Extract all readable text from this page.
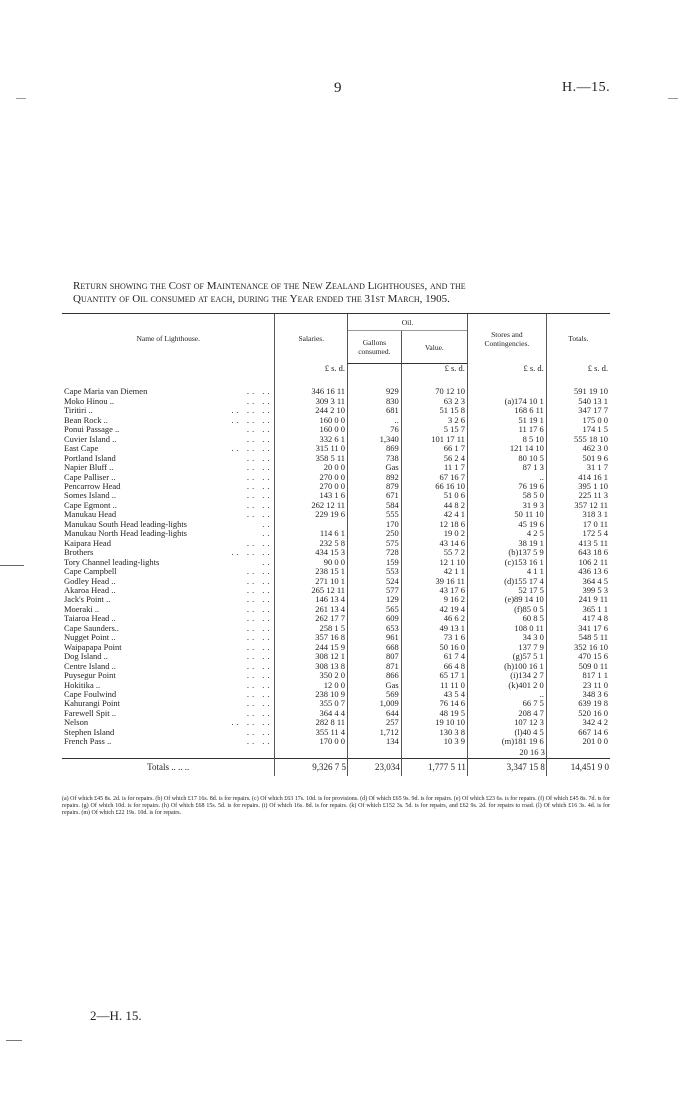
9	H.—15.
Return showing the Cost of Maintenance of the New Zealand Lighthouses, and the
Quantity of Oil consumed at each, during the Year ended the 31st March, 1905.
Name of Lighthouse.	Salaries.	Oil.		Stores and Contingencies.	Totals.
		Gallons consumed.	Value.		
	£ s. d.		£ s. d.	£ s. d.	£ s. d.
Cape Maria van Diemen .. ..	346 16 11	929	70 12 10		591 19 10
Moko Hinou .. .. ..	309 3 11	830	63 2 3	(a)174 10 1	540 13 1
Tiritiri .. .. .. ..	244 2 10	681	51 15 8	168 6 11	347 17 7
Bean Rock .. .. .. ..	160 0 0	..	3 2 6	51 19 1	175 0 0
Ponui Passage .. .. ..	160 0 0	76	5 15 7	11 17 6	174 1 5
Cuvier Island .. .. ..	332 6 1	1,340	101 17 11	8 5 10	555 18 10
East Cape .. .. ..	315 11 0	869	66 1 7	121 14 10	462 3 0
Portland Island .. ..	358 5 11	738	56 2 4	80 10 5	501 9 6
Napier Bluff .. .. ..	20 0 0	Gas	11 1 7	87 1 3	31 1 7
Cape Palliser .. .. ..	270 0 0	892	67 16 7	..	414 16 1
Pencarrow Head .. ..	270 0 0	879	66 16 10	76 19 6	395 1 10
Somes Island .. .. ..	143 1 6	671	51 0 6	58 5 0	225 11 3
Cape Egmont .. .. ..	262 12 11	584	44 8 2	31 9 3	357 12 11
Manukau Head .. ..	229 19 6	555	42 4 1	50 11 10	318 3 1
Manukau South Head leading-lights ..		170	12 18 6	45 19 6	17 0 11
Manukau North Head leading-lights ..	114 6 1	250	19 0 2	4 2 5	172 5 4
Kaipara Head .. ..	232 5 8	575	43 14 6	38 19 1	413 5 11
Brothers .. .. ..	434 15 3	728	55 7 2	(b)137 5 9	643 18 6
Tory Channel leading-lights ..	90 0 0	159	12 1 10	(c)153 16 1	106 2 11
Cape Campbell .. ..	238 15 1	553	42 1 1	4 1 1	436 13 6
Godley Head .. .. ..	271 10 1	524	39 16 11	(d)155 17 4	364 4 5
Akaroa Head .. .. ..	265 12 11	577	43 17 6	52 17 5	399 5 3
Jack's Point .. .. ..	146 13 4	129	9 16 2	(e)89 14 10	241 9 11
Moeraki .. .. ..	261 13 4	565	42 19 4	(f)85 0 5	365 1 1
Taiaroa Head .. .. ..	262 17 7	609	46 6 2	60 8 5	417 4 8
Cape Saunders.. .. ..	258 1 5	653	49 13 1	108 0 11	341 17 6
Nugget Point .. .. ..	357 16 8	961	73 1 6	34 3 0	548 5 11
Waipapapa Point .. ..	244 15 9	668	50 16 0	137 7 9	352 16 10
Dog Island .. .. ..	308 12 1	807	61 7 4	(g)57 5 1	470 15 6
Centre Island .. .. ..	308 13 8	871	66 4 8	(h)100 16 1	509 0 11
Puysegur Point .. ..	350 2 0	866	65 17 1	(i)134 2 7	817 1 1
Hokitika .. .. ..	12 0 0	Gas	11 11 0	(k)401 2 0	23 11 0
Cape Foulwind .. ..	238 10 9	569	43 5 4	..	348 3 6
Kahurangi Point .. ..	355 0 7	1,009	76 14 6	66 7 5	639 19 8
Farewell Spit .. .. ..	364 4 4	644	48 19 5	208 4 7	520 16 0
Nelson .. .. ..	282 8 11	257	19 10 10	107 12 3	342 4 2
Stephen Island .. ..	355 11 4	1,712	130 3 8	(l)40 4 5	667 14 6
French Pass .. .. ..	170 0 0	134	10 3 9	(m)181 19 6	201 0 0
				20 16 3	
Totals .. .. ..	9,326 7 5	23,034	1,777 5 11	3,347 15 8	14,451 9 0
(a) Of which £45 8s. 2d. is for repairs. (b) Of which £17 16s. 8d. is for repairs. (c) Of which £63 17s. 10d. is for provisions. (d) Of which £65 9s. 9d. is for repairs. (e) Of which £23 6s. is for repairs. (f) Of which £45 8s. 7d. is for repairs. (g) Of which 10d. is for repairs. (h) Of which £68 15s. 5d. is for repairs. (i) Of which 16s. 8d. is for repairs. (k) Of which £152 3s. 5d. is for repairs, and £62 9s. 2d. for repairs to road. (l) Of which £16 3s. 4d. is for repairs. (m) Of which £22 19s. 10d. is for repairs.
2—H. 15.
